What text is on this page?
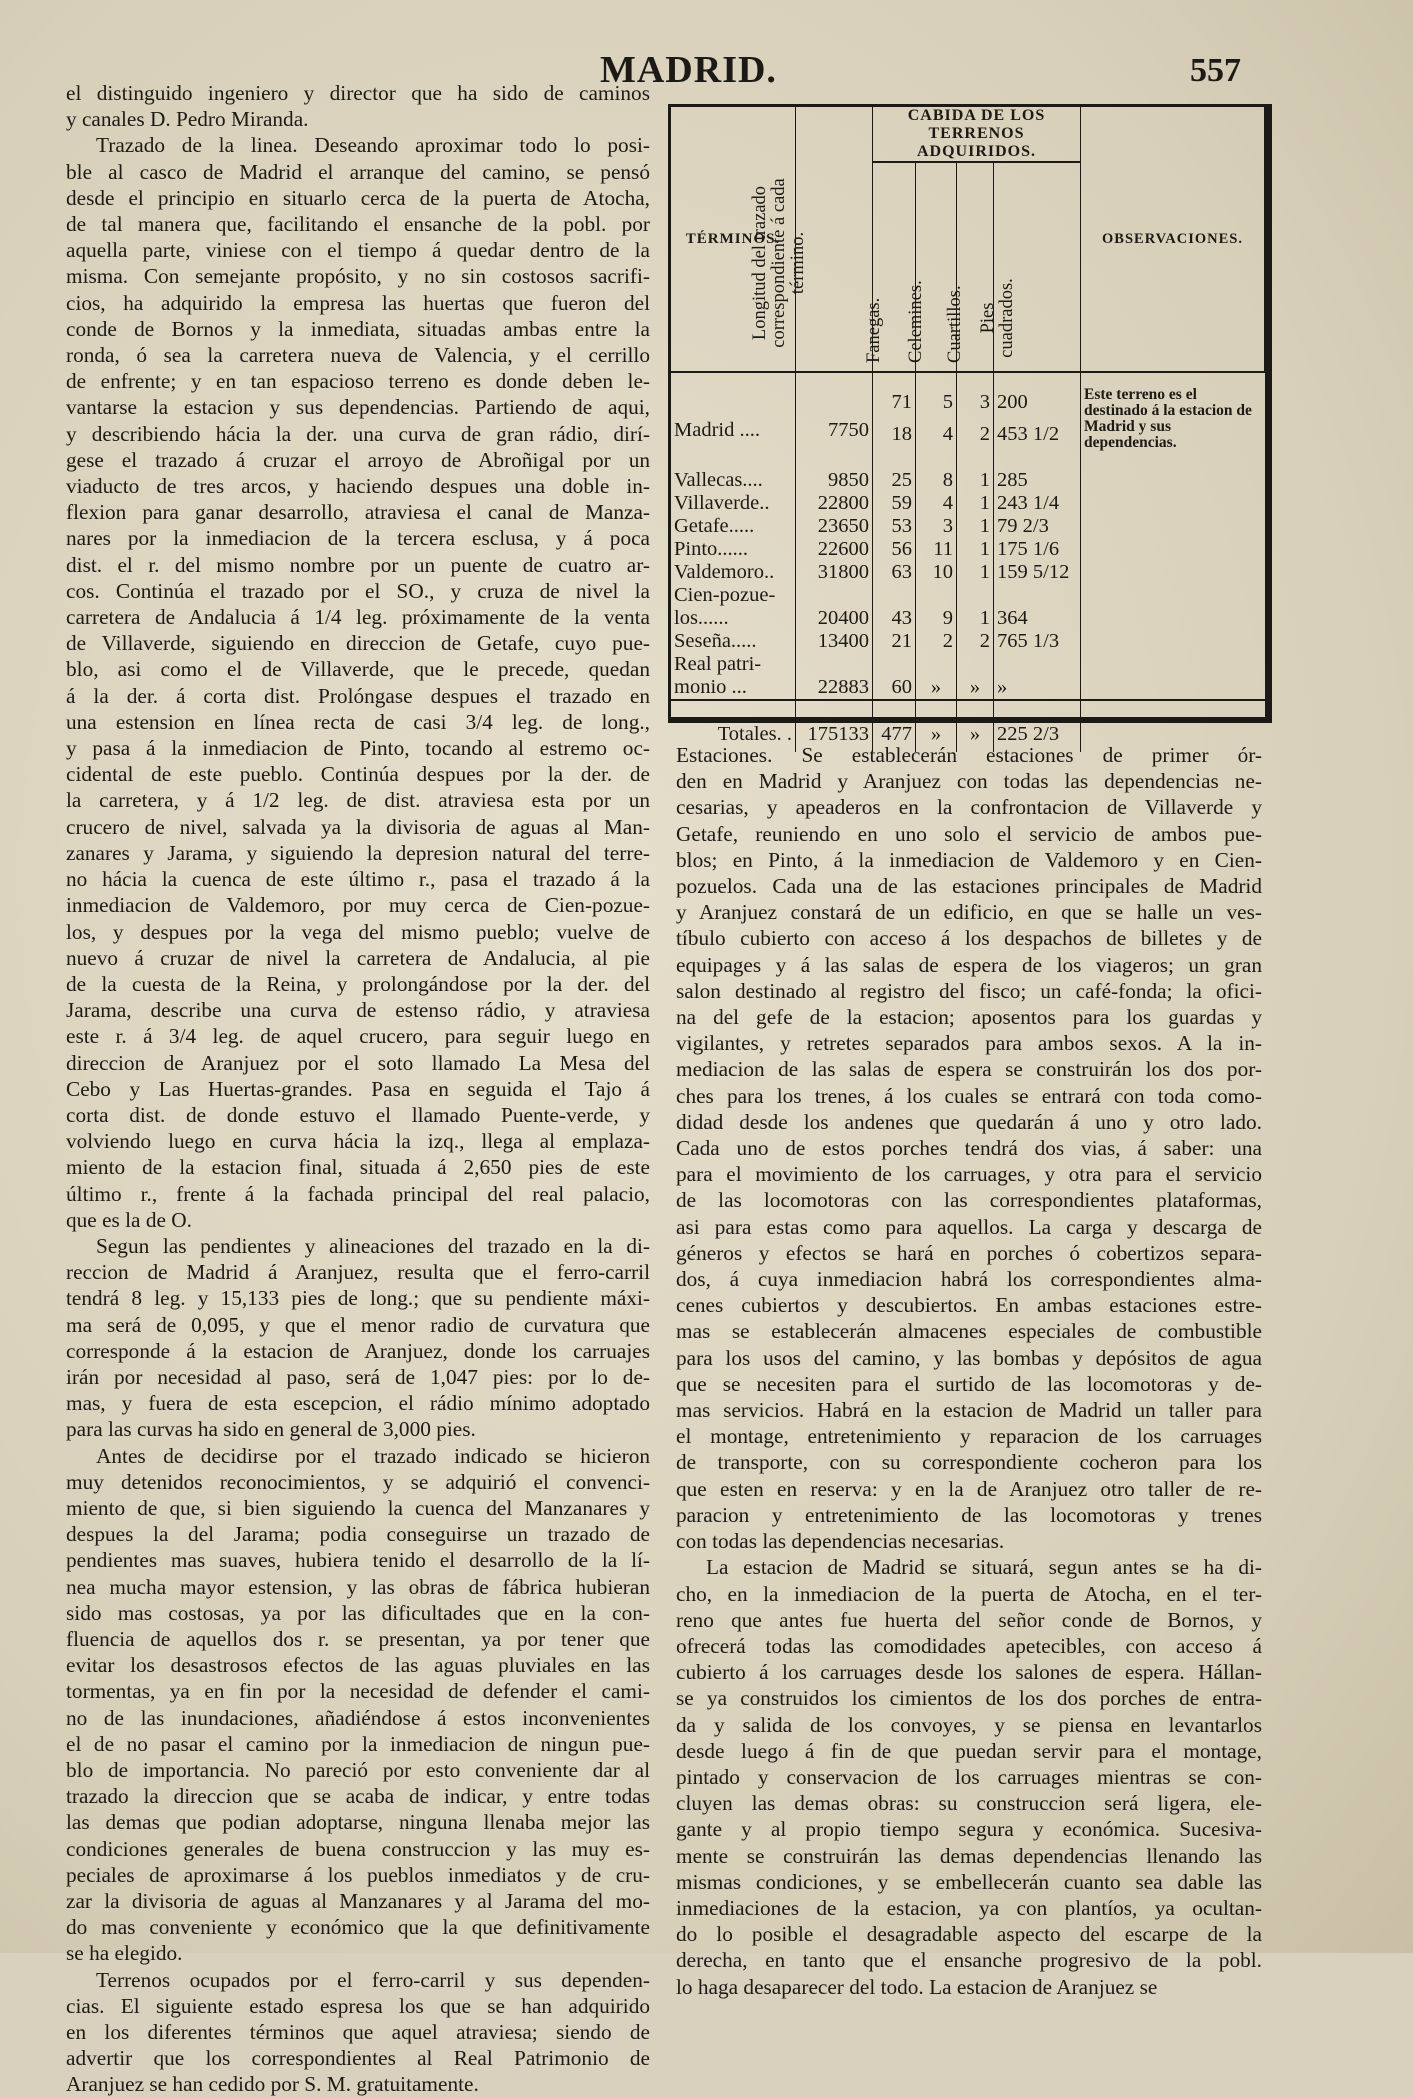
MADRID.	557
el distinguido ingeniero y director que ha sido de caminos
y canales D. Pedro Miranda.
Trazado de la linea. Deseando aproximar todo lo posi-
ble al casco de Madrid el arranque del camino, se pensó
desde el principio en situarlo cerca de la puerta de Atocha,
de tal manera que, facilitando el ensanche de la pobl. por
aquella parte, viniese con el tiempo á quedar dentro de la
misma. Con semejante propósito, y no sin costosos sacrifi-
cios, ha adquirido la empresa las huertas que fueron del
conde de Bornos y la inmediata, situadas ambas entre la
ronda, ó sea la carretera nueva de Valencia, y el cerrillo
de enfrente; y en tan espacioso terreno es donde deben le-
vantarse la estacion y sus dependencias. Partiendo de aqui,
y describiendo hácia la der. una curva de gran rádio, dirí-
gese el trazado á cruzar el arroyo de Abroñigal por un
viaducto de tres arcos, y haciendo despues una doble in-
flexion para ganar desarrollo, atraviesa el canal de Manza-
nares por la inmediacion de la tercera esclusa, y á poca
dist. el r. del mismo nombre por un puente de cuatro ar-
cos. Continúa el trazado por el SO., y cruza de nivel la
carretera de Andalucia á 1/4 leg. próximamente de la venta
de Villaverde, siguiendo en direccion de Getafe, cuyo pue-
blo, asi como el de Villaverde, que le precede, quedan
á la der. á corta dist. Prolóngase despues el trazado en
una estension en línea recta de casi 3/4 leg. de long.,
y pasa á la inmediacion de Pinto, tocando al estremo oc-
cidental de este pueblo. Continúa despues por la der. de
la carretera, y á 1/2 leg. de dist. atraviesa esta por un
crucero de nivel, salvada ya la divisoria de aguas al Man-
zanares y Jarama, y siguiendo la depresion natural del terre-
no hácia la cuenca de este último r., pasa el trazado á la
inmediacion de Valdemoro, por muy cerca de Cien-pozue-
los, y despues por la vega del mismo pueblo; vuelve de
nuevo á cruzar de nivel la carretera de Andalucia, al pie
de la cuesta de la Reina, y prolongándose por la der. del
Jarama, describe una curva de estenso rádio, y atraviesa
este r. á 3/4 leg. de aquel crucero, para seguir luego en
direccion de Aranjuez por el soto llamado La Mesa del
Cebo y Las Huertas-grandes. Pasa en seguida el Tajo á
corta dist. de donde estuvo el llamado Puente-verde, y
volviendo luego en curva hácia la izq., llega al emplaza-
miento de la estacion final, situada á 2,650 pies de este
último r., frente á la fachada principal del real palacio,
que es la de O.
Segun las pendientes y alineaciones del trazado en la di-
reccion de Madrid á Aranjuez, resulta que el ferro-carril
tendrá 8 leg. y 15,133 pies de long.; que su pendiente máxi-
ma será de 0,095, y que el menor radio de curvatura que
corresponde á la estacion de Aranjuez, donde los carruajes
irán por necesidad al paso, será de 1,047 pies: por lo de-
mas, y fuera de esta escepcion, el rádio mínimo adoptado
para las curvas ha sido en general de 3,000 pies.
Antes de decidirse por el trazado indicado se hicieron
muy detenidos reconocimientos, y se adquirió el convenci-
miento de que, si bien siguiendo la cuenca del Manzanares y
despues la del Jarama; podia conseguirse un trazado de
pendientes mas suaves, hubiera tenido el desarrollo de la lí-
nea mucha mayor estension, y las obras de fábrica hubieran
sido mas costosas, ya por las dificultades que en la con-
fluencia de aquellos dos r. se presentan, ya por tener que
evitar los desastrosos efectos de las aguas pluviales en las
tormentas, ya en fin por la necesidad de defender el cami-
no de las inundaciones, añadiéndose á estos inconvenientes
el de no pasar el camino por la inmediacion de ningun pue-
blo de importancia. No pareció por esto conveniente dar al
trazado la direccion que se acaba de indicar, y entre todas
las demas que podian adoptarse, ninguna llenaba mejor las
condiciones generales de buena construccion y las muy es-
peciales de aproximarse á los pueblos inmediatos y de cru-
zar la divisoria de aguas al Manzanares y al Jarama del mo-
do mas conveniente y económico que la que definitivamente
se ha elegido.
Terrenos ocupados por el ferro-carril y sus dependen-
cias. El siguiente estado espresa los que se han adquirido
en los diferentes términos que aquel atraviesa; siendo de
advertir que los correspondientes al Real Patrimonio de
Aranjuez se han cedido por S. M. gratuitamente.
TÉRMINOS.	Longitud del trazado correspondiente á cada término.	CABIDA DE LOS TERRENOS ADQUIRIDOS.				OBSERVACIONES.

		Fanegas.	Celemines.	Cuartillos.	Pies cuadrados.	

Madrid ....	7750	71	5	3	200	Este terreno es el destinado á la estacion de Madrid y sus dependencias.
		18	4	2	453 1/2	
Vallecas....	9850	25	8	1	285	
Villaverde..	22800	59	4	1	243 1/4	
Getafe.....	23650	53	3	1	79 2/3	
Pinto......	22600	56	11	1	175 1/6	
Valdemoro..	31800	63	10	1	159 5/12	
Cien-pozue-						
los......	20400	43	9	1	364	
Seseña.....	13400	21	2	2	765 1/3	
Real patri-						
monio ...	22883	60	»	»	»	
Totales. .	175133	477	»	»	225 2/3	
Estaciones. Se establecerán estaciones de primer ór-
den en Madrid y Aranjuez con todas las dependencias ne-
cesarias, y apeaderos en la confrontacion de Villaverde y
Getafe, reuniendo en uno solo el servicio de ambos pue-
blos; en Pinto, á la inmediacion de Valdemoro y en Cien-
pozuelos. Cada una de las estaciones principales de Madrid
y Aranjuez constará de un edificio, en que se halle un ves-
tíbulo cubierto con acceso á los despachos de billetes y de
equipages y á las salas de espera de los viageros; un gran
salon destinado al registro del fisco; un café-fonda; la ofici-
na del gefe de la estacion; aposentos para los guardas y
vigilantes, y retretes separados para ambos sexos. A la in-
mediacion de las salas de espera se construirán los dos por-
ches para los trenes, á los cuales se entrará con toda como-
didad desde los andenes que quedarán á uno y otro lado.
Cada uno de estos porches tendrá dos vias, á saber: una
para el movimiento de los carruages, y otra para el servicio
de las locomotoras con las correspondientes plataformas,
asi para estas como para aquellos. La carga y descarga de
géneros y efectos se hará en porches ó cobertizos separa-
dos, á cuya inmediacion habrá los correspondientes alma-
cenes cubiertos y descubiertos. En ambas estaciones estre-
mas se establecerán almacenes especiales de combustible
para los usos del camino, y las bombas y depósitos de agua
que se necesiten para el surtido de las locomotoras y de-
mas servicios. Habrá en la estacion de Madrid un taller para
el montage, entretenimiento y reparacion de los carruages
de transporte, con su correspondiente cocheron para los
que esten en reserva: y en la de Aranjuez otro taller de re-
paracion y entretenimiento de las locomotoras y trenes
con todas las dependencias necesarias.
La estacion de Madrid se situará, segun antes se ha di-
cho, en la inmediacion de la puerta de Atocha, en el ter-
reno que antes fue huerta del señor conde de Bornos, y
ofrecerá todas las comodidades apetecibles, con acceso á
cubierto á los carruages desde los salones de espera. Hállan-
se ya construidos los cimientos de los dos porches de entra-
da y salida de los convoyes, y se piensa en levantarlos
desde luego á fin de que puedan servir para el montage,
pintado y conservacion de los carruages mientras se con-
cluyen las demas obras: su construccion será ligera, ele-
gante y al propio tiempo segura y económica. Sucesiva-
mente se construirán las demas dependencias llenando las
mismas condiciones, y se embellecerán cuanto sea dable las
inmediaciones de la estacion, ya con plantíos, ya ocultan-
do lo posible el desagradable aspecto del escarpe de la
derecha, en tanto que el ensanche progresivo de la pobl.
lo haga desaparecer del todo. La estacion de Aranjuez se
